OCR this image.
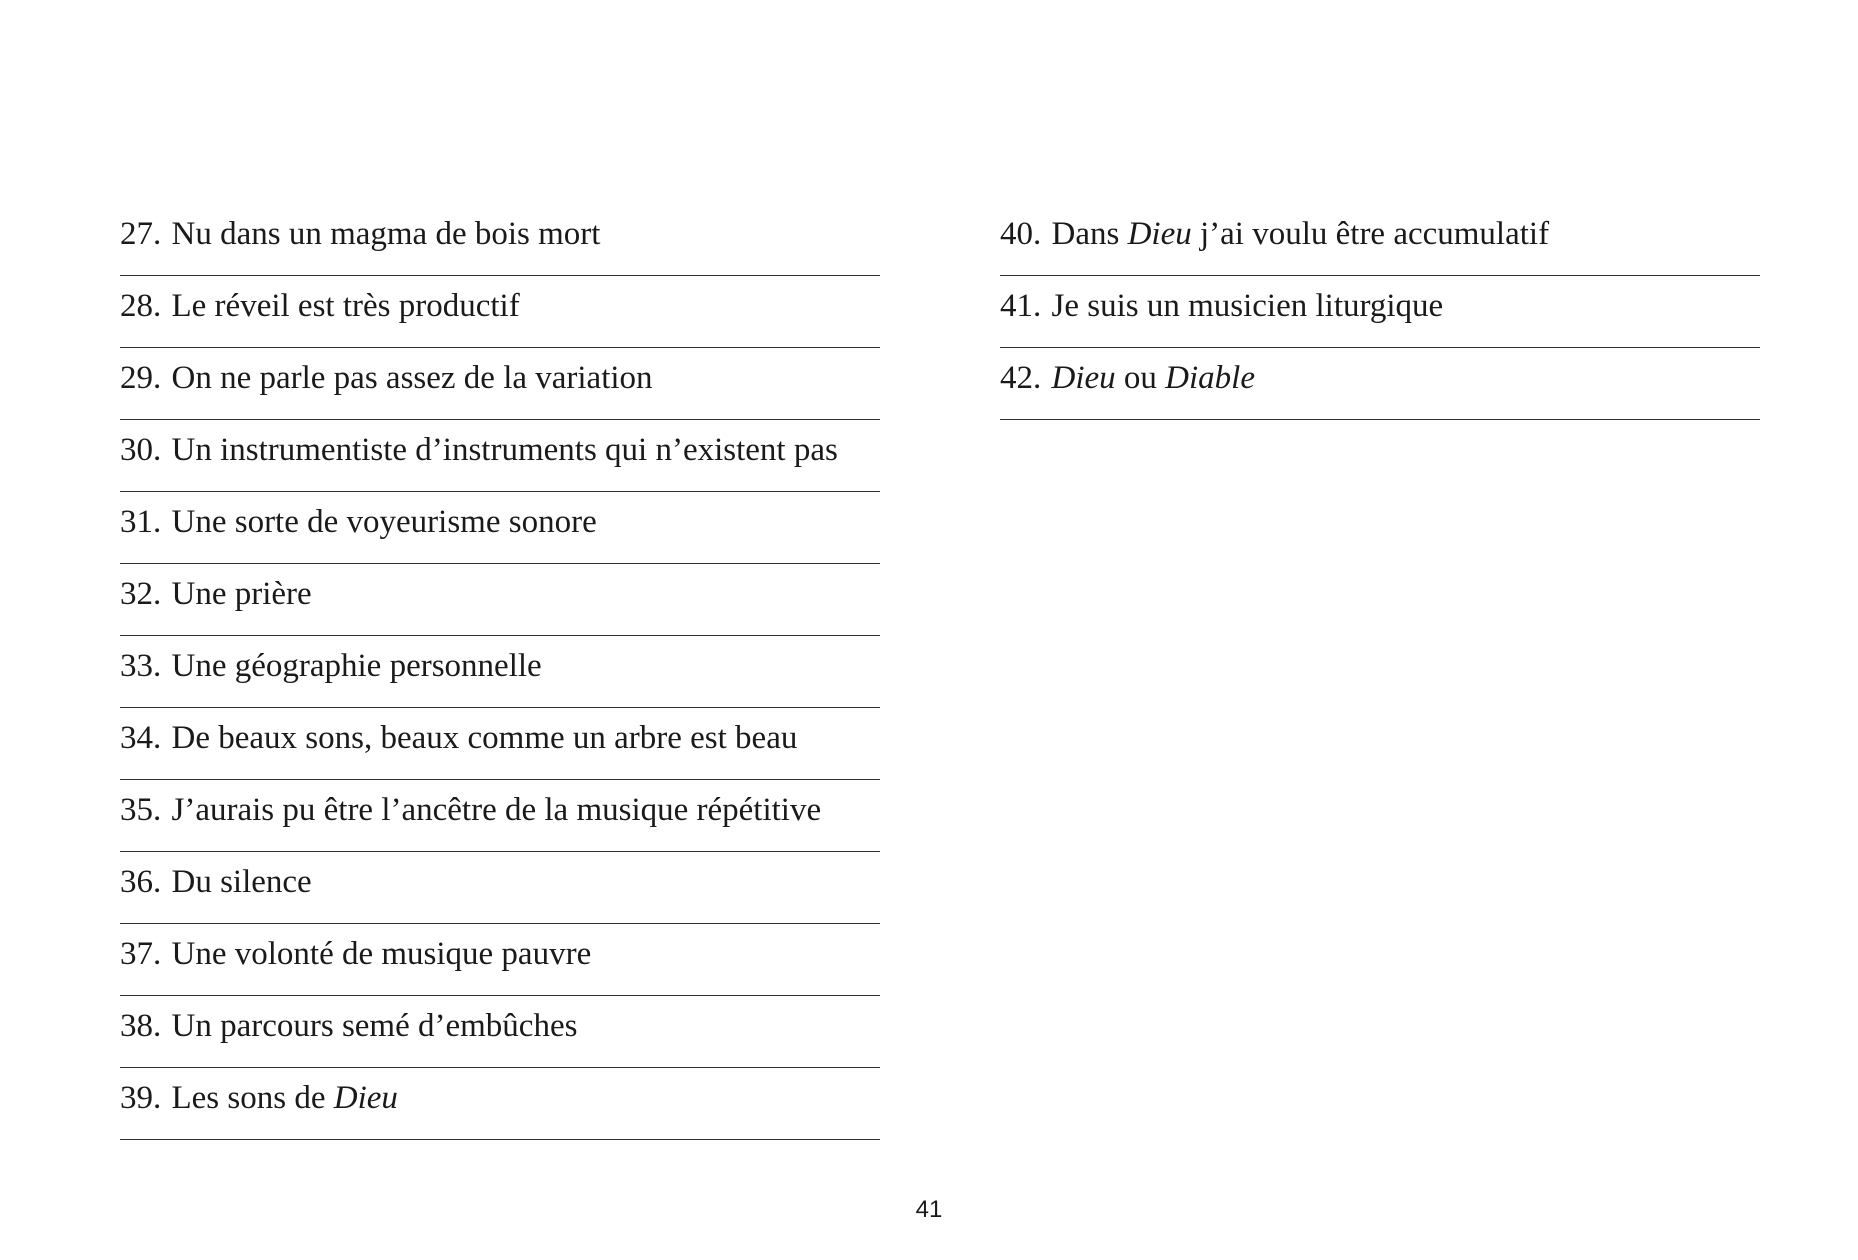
27. Nu dans un magma de bois mort
28. Le réveil est très productif
29. On ne parle pas assez de la variation
30. Un instrumentiste d’instruments qui n’existent pas
31. Une sorte de voyeurisme sonore
32. Une prière
33. Une géographie personnelle
34. De beaux sons, beaux comme un arbre est beau
35. J’aurais pu être l’ancêtre de la musique répétitive
36. Du silence
37. Une volonté de musique pauvre
38. Un parcours semé d’embûches
39. Les sons de Dieu
40. Dans Dieu j’ai voulu être accumulatif
41. Je suis un musicien liturgique
42. Dieu ou Diable
41
